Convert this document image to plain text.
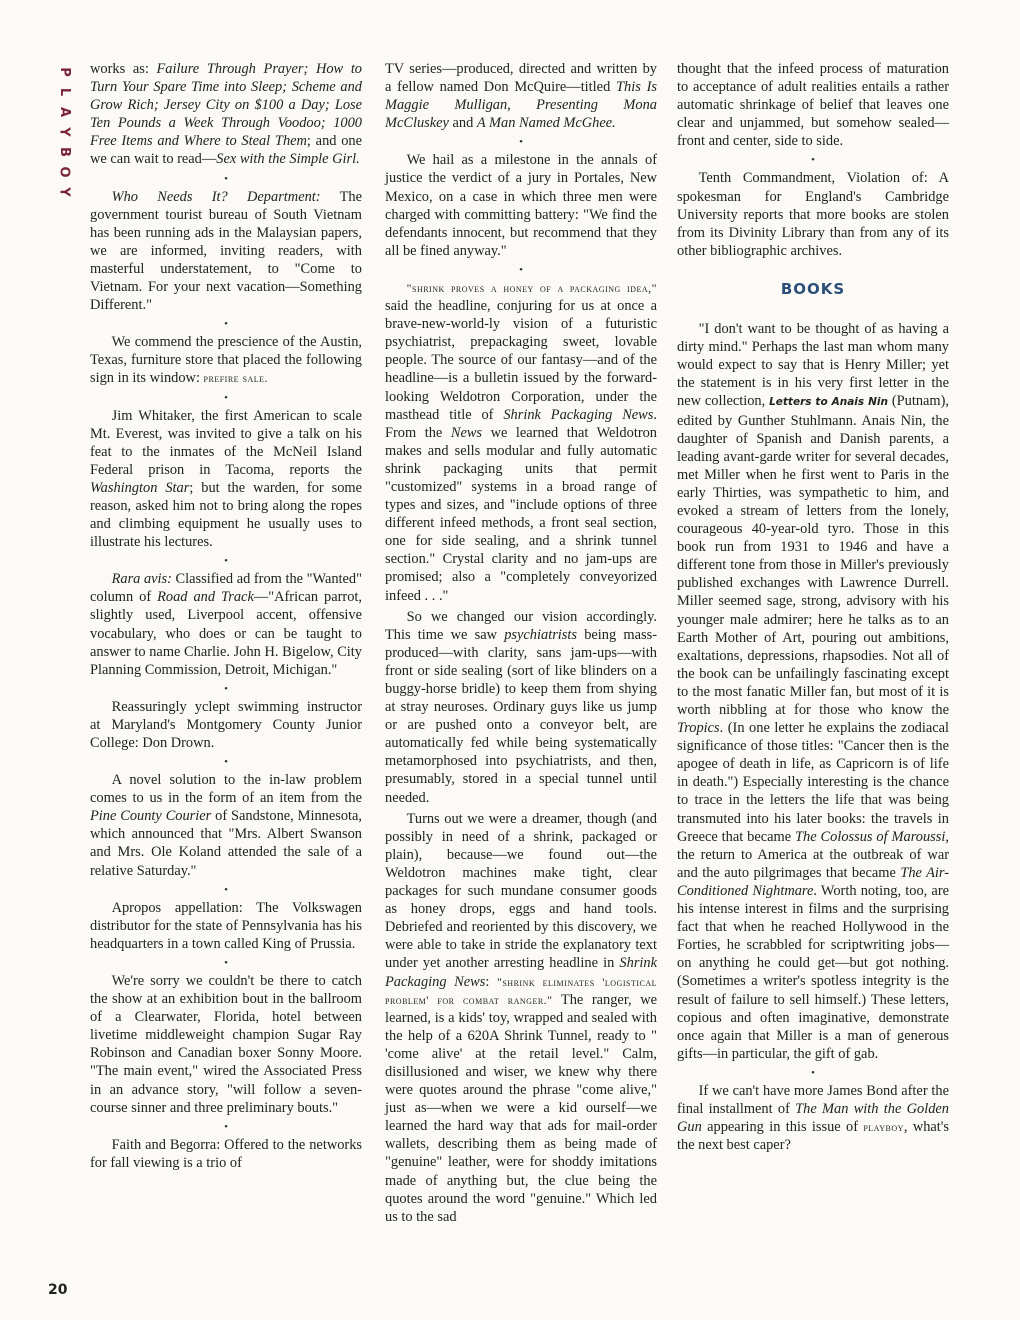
P
L
A
Y
B
O
Y

works as: Failure Through Prayer; How to Turn Your Spare Time into Sleep; Scheme and Grow Rich; Jersey City on $100 a Day; Lose Ten Pounds a Week Through Voodoo; 1000 Free Items and Where to Steal Them; and one we can wait to read—Sex with the Simple Girl.

•

Who Needs It? Department: The government tourist bureau of South Vietnam has been running ads in the Malaysian papers, we are informed, inviting readers, with masterful understatement, to "Come to Vietnam. For your next vacation—Something Different."

•

We commend the prescience of the Austin, Texas, furniture store that placed the following sign in its window: prefire sale.

•

Jim Whitaker, the first American to scale Mt. Everest, was invited to give a talk on his feat to the inmates of the McNeil Island Federal prison in Tacoma, reports the Washington Star; but the warden, for some reason, asked him not to bring along the ropes and climbing equipment he usually uses to illustrate his lectures.

•

Rara avis: Classified ad from the "Wanted" column of Road and Track—"African parrot, slightly used, Liverpool accent, offensive vocabulary, who does or can be taught to answer to name Charlie. John H. Bigelow, City Planning Commission, Detroit, Michigan."

•

Reassuringly yclept swimming instructor at Maryland's Montgomery County Junior College: Don Drown.

•

A novel solution to the in-law problem comes to us in the form of an item from the Pine County Courier of Sandstone, Minnesota, which announced that "Mrs. Albert Swanson and Mrs. Ole Koland attended the sale of a relative Saturday."

•

Apropos appellation: The Volkswagen distributor for the state of Pennsylvania has his headquarters in a town called King of Prussia.

•

We're sorry we couldn't be there to catch the show at an exhibition bout in the ballroom of a Clearwater, Florida, hotel between livetime middleweight champion Sugar Ray Robinson and Canadian boxer Sonny Moore. "The main event," wired the Associated Press in an advance story, "will follow a seven-course sinner and three preliminary bouts."

•

Faith and Begorra: Offered to the networks for fall viewing is a trio of

TV series—produced, directed and written by a fellow named Don McQuire—titled This Is Maggie Mulligan, Presenting Mona McCluskey and A Man Named McGhee.

•

We hail as a milestone in the annals of justice the verdict of a jury in Portales, New Mexico, on a case in which three men were charged with committing battery: "We find the defendants innocent, but recommend that they all be fined anyway."

•

"shrink proves a honey of a packaging idea," said the headline, conjuring for us at once a brave-new-world-ly vision of a futuristic psychiatrist, prepackaging sweet, lovable people. The source of our fantasy—and of the headline—is a bulletin issued by the forward-looking Weldotron Corporation, under the masthead title of Shrink Packaging News. From the News we learned that Weldotron makes and sells modular and fully automatic shrink packaging units that permit "customized" systems in a broad range of types and sizes, and "include options of three different infeed methods, a front seal section, one for side sealing, and a shrink tunnel section." Crystal clarity and no jam-ups are promised; also a "completely conveyorized infeed . . ."

So we changed our vision accordingly. This time we saw psychiatrists being mass-produced—with clarity, sans jam-ups—with front or side sealing (sort of like blinders on a buggy-horse bridle) to keep them from shying at stray neuroses. Ordinary guys like us jump or are pushed onto a conveyor belt, are automatically fed while being systematically metamorphosed into psychiatrists, and then, presumably, stored in a special tunnel until needed.

Turns out we were a dreamer, though (and possibly in need of a shrink, packaged or plain), because—we found out—the Weldotron machines make tight, clear packages for such mundane consumer goods as honey drops, eggs and hand tools. Debriefed and reoriented by this discovery, we were able to take in stride the explanatory text under yet another arresting headline in Shrink Packaging News: "shrink eliminates 'logistical problem' for combat ranger." The ranger, we learned, is a kids' toy, wrapped and sealed with the help of a 620A Shrink Tunnel, ready to " 'come alive' at the retail level." Calm, disillusioned and wiser, we knew why there were quotes around the phrase "come alive," just as—when we were a kid ourself—we learned the hard way that ads for mail-order wallets, describing them as being made of "genuine" leather, were for shoddy imitations made of anything but, the clue being the quotes around the word "genuine." Which led us to the sad

thought that the infeed process of maturation to acceptance of adult realities entails a rather automatic shrinkage of belief that leaves one clear and unjammed, but somehow sealed—front and center, side to side.

•

Tenth Commandment, Violation of: A spokesman for England's Cambridge University reports that more books are stolen from its Divinity Library than from any of its other bibliographic archives.

BOOKS

"I don't want to be thought of as having a dirty mind." Perhaps the last man whom many would expect to say that is Henry Miller; yet the statement is in his very first letter in the new collection, Letters to Anais Nin (Putnam), edited by Gunther Stuhlmann. Anais Nin, the daughter of Spanish and Danish parents, a leading avant-garde writer for several decades, met Miller when he first went to Paris in the early Thirties, was sympathetic to him, and evoked a stream of letters from the lonely, courageous 40-year-old tyro. Those in this book run from 1931 to 1946 and have a different tone from those in Miller's previously published exchanges with Lawrence Durrell. Miller seemed sage, strong, advisory with his younger male admirer; here he talks as to an Earth Mother of Art, pouring out ambitions, exaltations, depressions, rhapsodies. Not all of the book can be unfailingly fascinating except to the most fanatic Miller fan, but most of it is worth nibbling at for those who know the Tropics. (In one letter he explains the zodiacal significance of those titles: "Cancer then is the apogee of death in life, as Capricorn is of life in death.") Especially interesting is the chance to trace in the letters the life that was being transmuted into his later books: the travels in Greece that became The Colossus of Maroussi, the return to America at the outbreak of war and the auto pilgrimages that became The Air-Conditioned Nightmare. Worth noting, too, are his intense interest in films and the surprising fact that when he reached Hollywood in the Forties, he scrabbled for scriptwriting jobs—on anything he could get—but got nothing. (Sometimes a writer's spotless integrity is the result of failure to sell himself.) These letters, copious and often imaginative, demonstrate once again that Miller is a man of generous gifts—in particular, the gift of gab.

•

If we can't have more James Bond after the final installment of The Man with the Golden Gun appearing in this issue of playboy, what's the next best caper?

20
